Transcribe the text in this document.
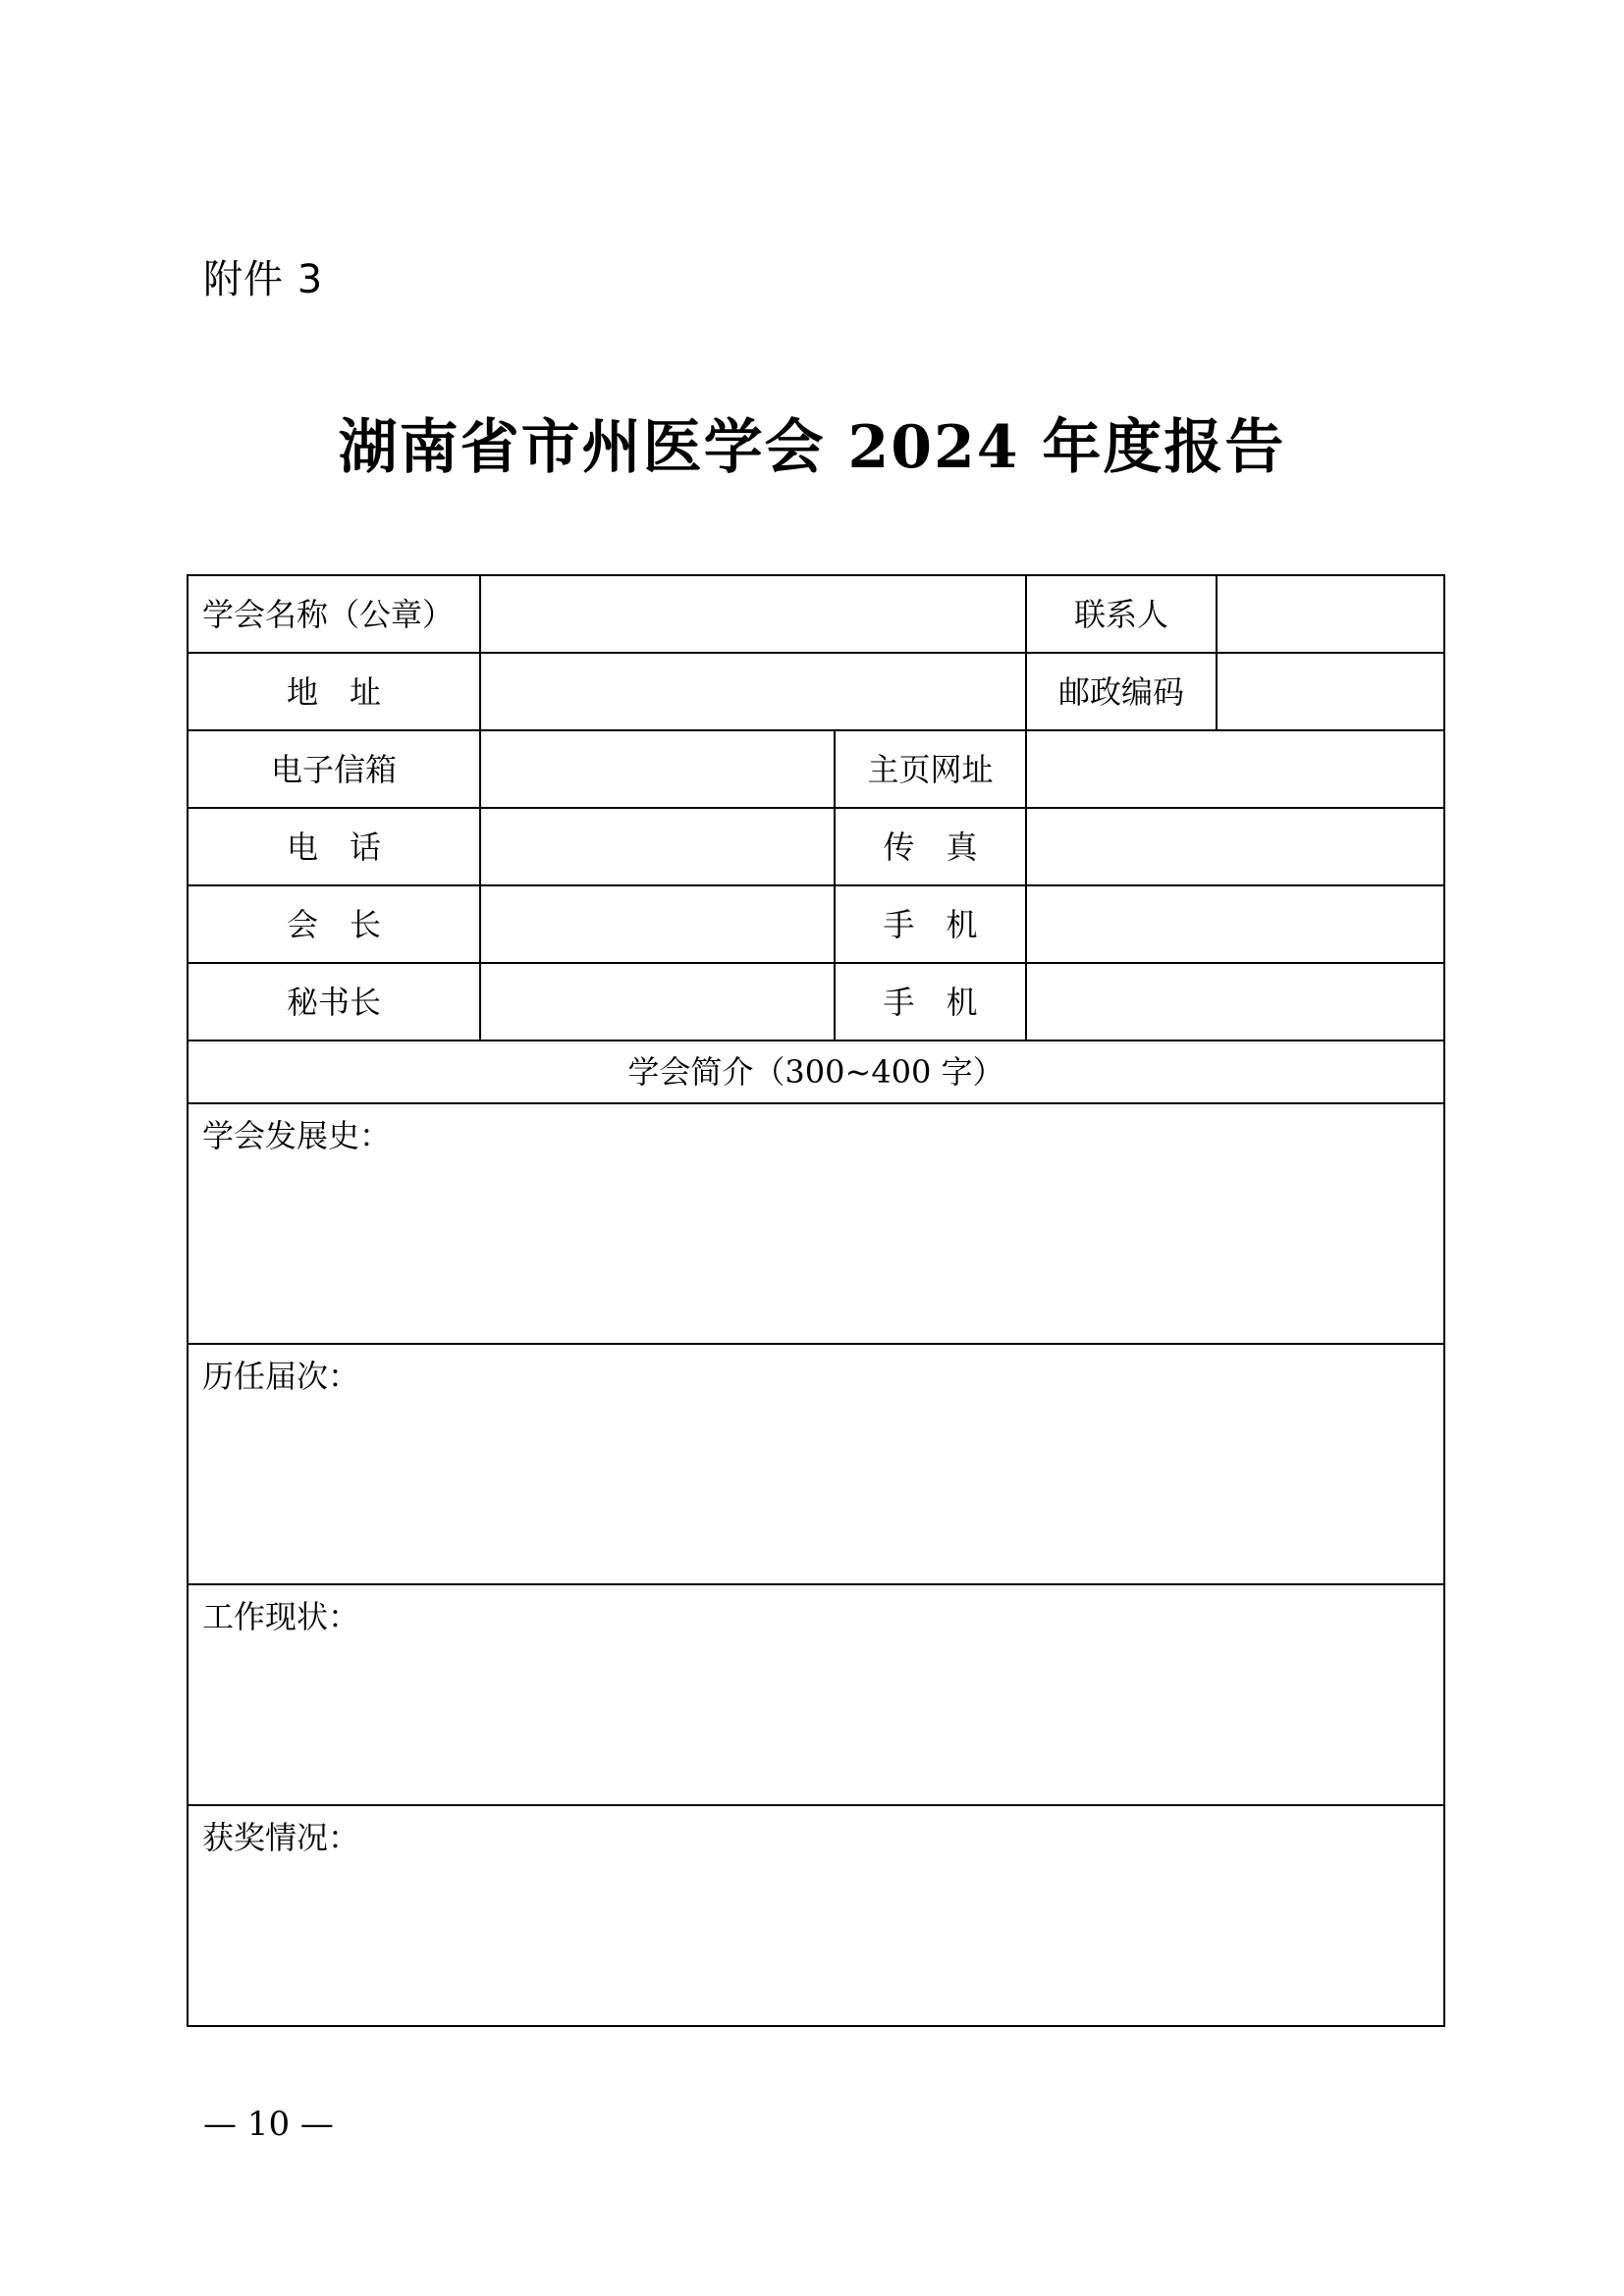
附件 3
湖南省市州医学会 2024 年度报告
学会名称（公章）	联系人
地　址	邮政编码
电子信箱	主页网址
电　话	传　真
会　长	手　机
秘书长	手　机
学会简介（300~400 字）
学会发展史：
历任届次：
工作现状：
获奖情况：
— 10 —
